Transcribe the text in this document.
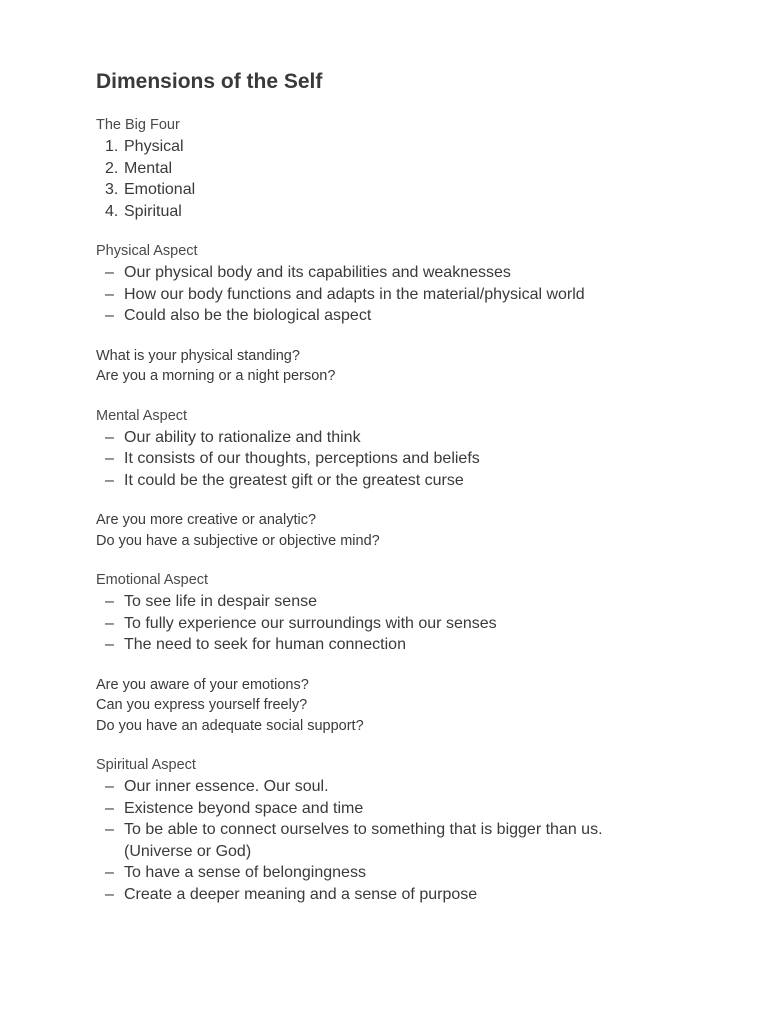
Dimensions of the Self

The Big Four

1. Physical
2. Mental
3. Emotional
4. Spiritual

Physical Aspect

– Our physical body and its capabilities and weaknesses
– How our body functions and adapts in the material/physical world
– Could also be the biological aspect

What is your physical standing?

Are you a morning or a night person?

Mental Aspect

– Our ability to rationalize and think
– It consists of our thoughts, perceptions and beliefs
– It could be the greatest gift or the greatest curse

Are you more creative or analytic?

Do you have a subjective or objective mind?

Emotional Aspect

– To see life in despair sense
– To fully experience our surroundings with our senses
– The need to seek for human connection

Are you aware of your emotions?

Can you express yourself freely?

Do you have an adequate social support?

Spiritual Aspect

– Our inner essence. Our soul.
– Existence beyond space and time
– To be able to connect ourselves to something that is bigger than us.
(Universe or God)
– To have a sense of belongingness
– Create a deeper meaning and a sense of purpose
